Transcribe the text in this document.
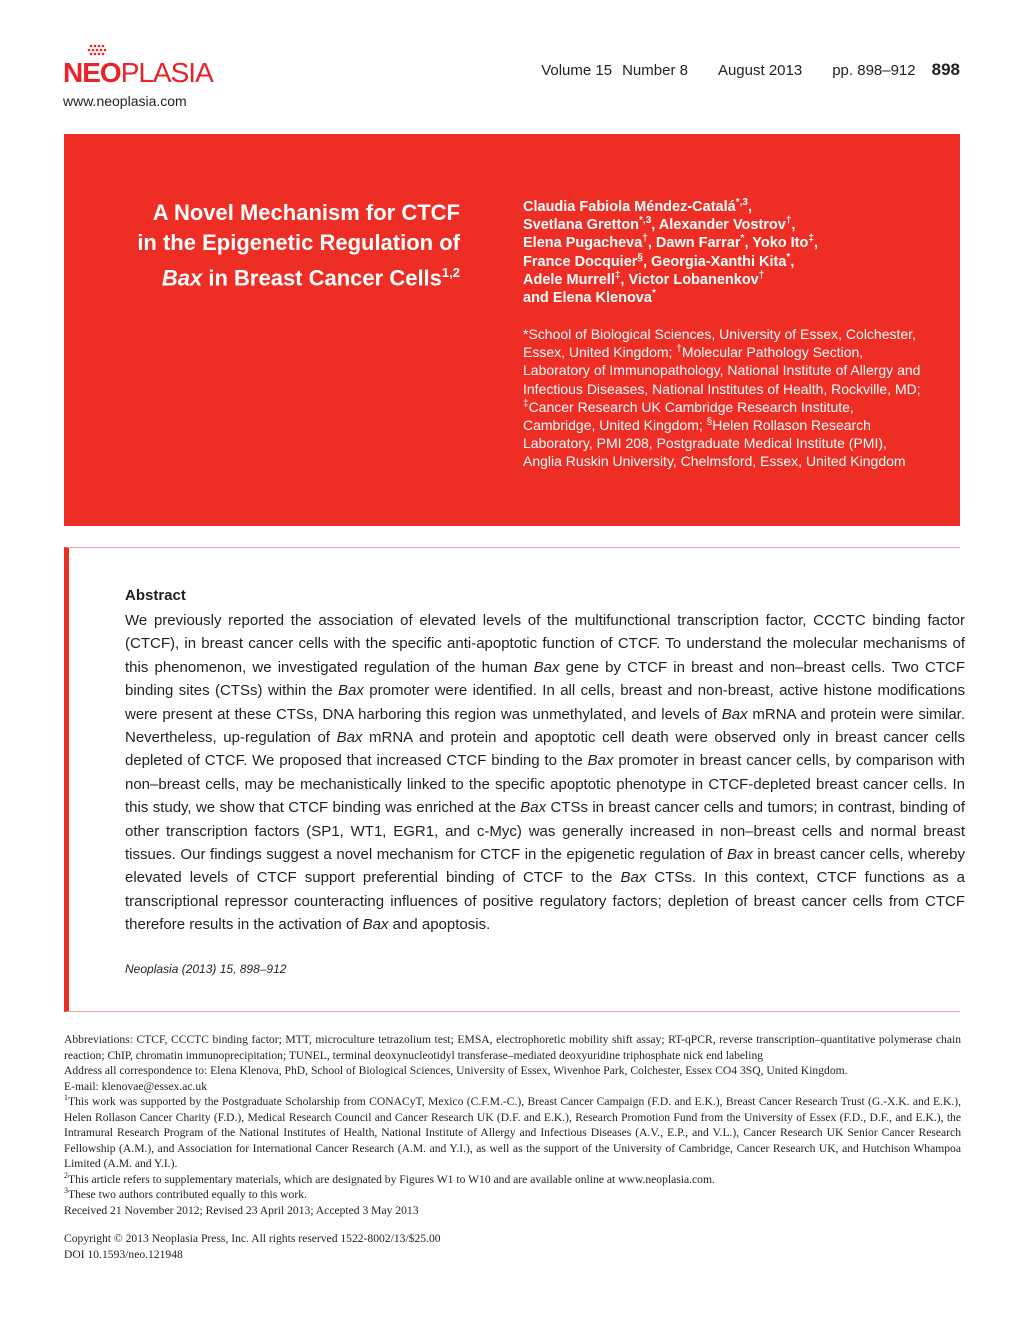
NEOPLASIA
www.neoplasia.com
Volume 15 Number 8 August 2013 pp. 898–912 898
A Novel Mechanism for CTCF
in the Epigenetic Regulation of
Bax in Breast Cancer Cells$^{1,2}$
Claudia Fabiola Méndez-Catalá$^{*,3}$,
Svetlana Gretton$^{*,3}$, Alexander Vostrov†,
Elena Pugacheva†, Dawn Farrar*, Yoko Ito‡,
France Docquier§, Georgia-Xanthi Kita*,
Adele Murrell‡, Victor Lobanenkov†
and Elena Klenova*
*School of Biological Sciences, University of Essex, Colchester, Essex, United Kingdom; †Molecular Pathology Section, Laboratory of Immunopathology, National Institute of Allergy and Infectious Diseases, National Institutes of Health, Rockville, MD; ‡Cancer Research UK Cambridge Research Institute, Cambridge, United Kingdom; §Helen Rollason Research Laboratory, PMI 208, Postgraduate Medical Institute (PMI), Anglia Ruskin University, Chelmsford, Essex, United Kingdom
Abstract
We previously reported the association of elevated levels of the multifunctional transcription factor, CCCTC binding factor (CTCF), in breast cancer cells with the specific anti-apoptotic function of CTCF. To understand the molecular mechanisms of this phenomenon, we investigated regulation of the human Bax gene by CTCF in breast and non–breast cells. Two CTCF binding sites (CTSs) within the Bax promoter were identified. In all cells, breast and non-breast, active histone modifications were present at these CTSs, DNA harboring this region was unmethylated, and levels of Bax mRNA and protein were similar. Nevertheless, up-regulation of Bax mRNA and protein and apoptotic cell death were observed only in breast cancer cells depleted of CTCF. We proposed that increased CTCF binding to the Bax promoter in breast cancer cells, by comparison with non–breast cells, may be mechanistically linked to the specific apoptotic phenotype in CTCF-depleted breast cancer cells. In this study, we show that CTCF binding was enriched at the Bax CTSs in breast cancer cells and tumors; in contrast, binding of other transcription factors (SP1, WT1, EGR1, and c-Myc) was generally increased in non–breast cells and normal breast tissues. Our findings suggest a novel mechanism for CTCF in the epigenetic regulation of Bax in breast cancer cells, whereby elevated levels of CTCF support preferential binding of CTCF to the Bax CTSs. In this context, CTCF functions as a transcriptional repressor counteracting influences of positive regulatory factors; depletion of breast cancer cells from CTCF therefore results in the activation of Bax and apoptosis.
Neoplasia (2013) 15, 898–912

Abbreviations: CTCF, CCCTC binding factor; MTT, microculture tetrazolium test; EMSA, electrophoretic mobility shift assay; RT-qPCR, reverse transcription–quantitative polymerase chain reaction; ChIP, chromatin immunoprecipitation; TUNEL, terminal deoxynucleotidyl transferase–mediated deoxyuridine triphosphate nick end labeling

Address all correspondence to: Elena Klenova, PhD, School of Biological Sciences, University of Essex, Wivenhoe Park, Colchester, Essex CO4 3SQ, United Kingdom.

E-mail: klenovae@essex.ac.uk

$^1$This work was supported by the Postgraduate Scholarship from CONACyT, Mexico (C.F.M.-C.), Breast Cancer Campaign (F.D. and E.K.), Breast Cancer Research Trust (G.-X.K. and E.K.), Helen Rollason Cancer Charity (F.D.), Medical Research Council and Cancer Research UK (D.F. and E.K.), Research Promotion Fund from the University of Essex (F.D., D.F., and E.K.), the Intramural Research Program of the National Institutes of Health, National Institute of Allergy and Infectious Diseases (A.V., E.P., and V.L.), Cancer Research UK Senior Cancer Research Fellowship (A.M.), and Association for International Cancer Research (A.M. and Y.I.), as well as the support of the University of Cambridge, Cancer Research UK, and Hutchison Whampoa Limited (A.M. and Y.I.).

$^2$This article refers to supplementary materials, which are designated by Figures W1 to W10 and are available online at www.neoplasia.com.

$^3$These two authors contributed equally to this work.

Received 21 November 2012; Revised 23 April 2013; Accepted 3 May 2013

Copyright © 2013 Neoplasia Press, Inc. All rights reserved 1522-8002/13/$25.00

DOI 10.1593/neo.121948
